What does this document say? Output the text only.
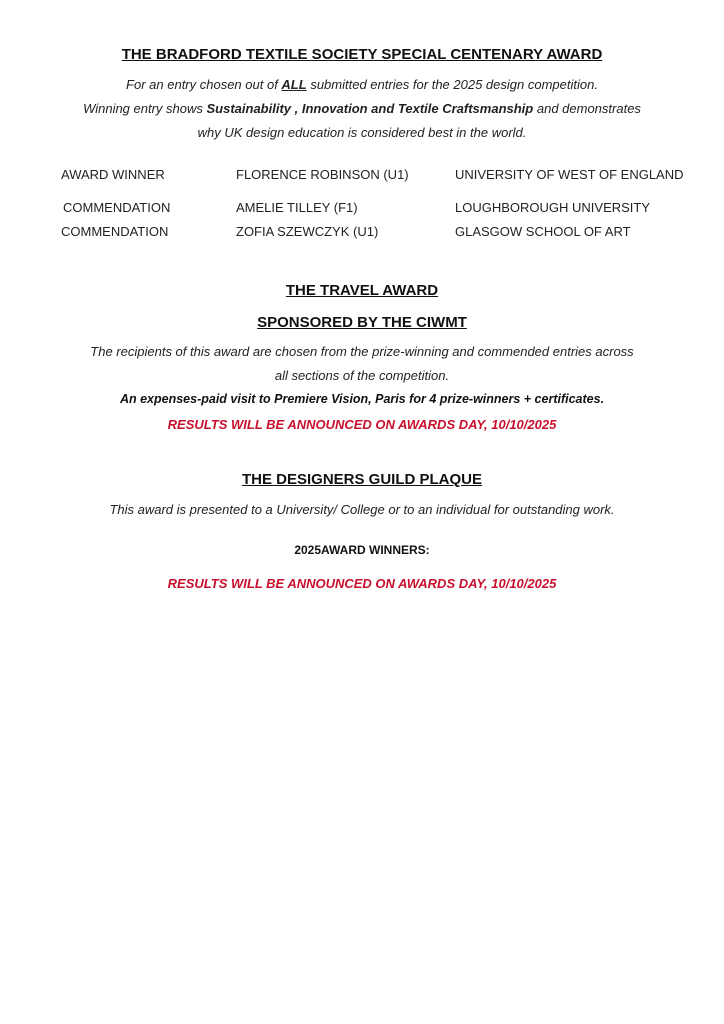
THE BRADFORD TEXTILE SOCIETY SPECIAL CENTENARY AWARD
For an entry chosen out of ALL submitted entries for the 2025 design competition.
Winning entry shows Sustainability , Innovation and Textile Craftsmanship and demonstrates
why UK design education is considered best in the world.
AWARD WINNER	FLORENCE ROBINSON (U1)	UNIVERSITY OF WEST OF ENGLAND
COMMENDATION	AMELIE TILLEY (F1)	LOUGHBOROUGH UNIVERSITY
COMMENDATION	ZOFIA SZEWCZYK (U1)	GLASGOW SCHOOL OF ART
THE TRAVEL AWARD
SPONSORED BY THE CIWMT
The recipients of this award are chosen from the prize-winning and commended entries across
all sections of the competition.
An expenses-paid visit to Premiere Vision, Paris for 4 prize-winners + certificates.
RESULTS WILL BE ANNOUNCED ON AWARDS DAY, 10/10/2025
THE DESIGNERS GUILD PLAQUE
This award is presented to a University/ College or to an individual for outstanding work.
2025AWARD WINNERS:
RESULTS WILL BE ANNOUNCED ON AWARDS DAY, 10/10/2025
